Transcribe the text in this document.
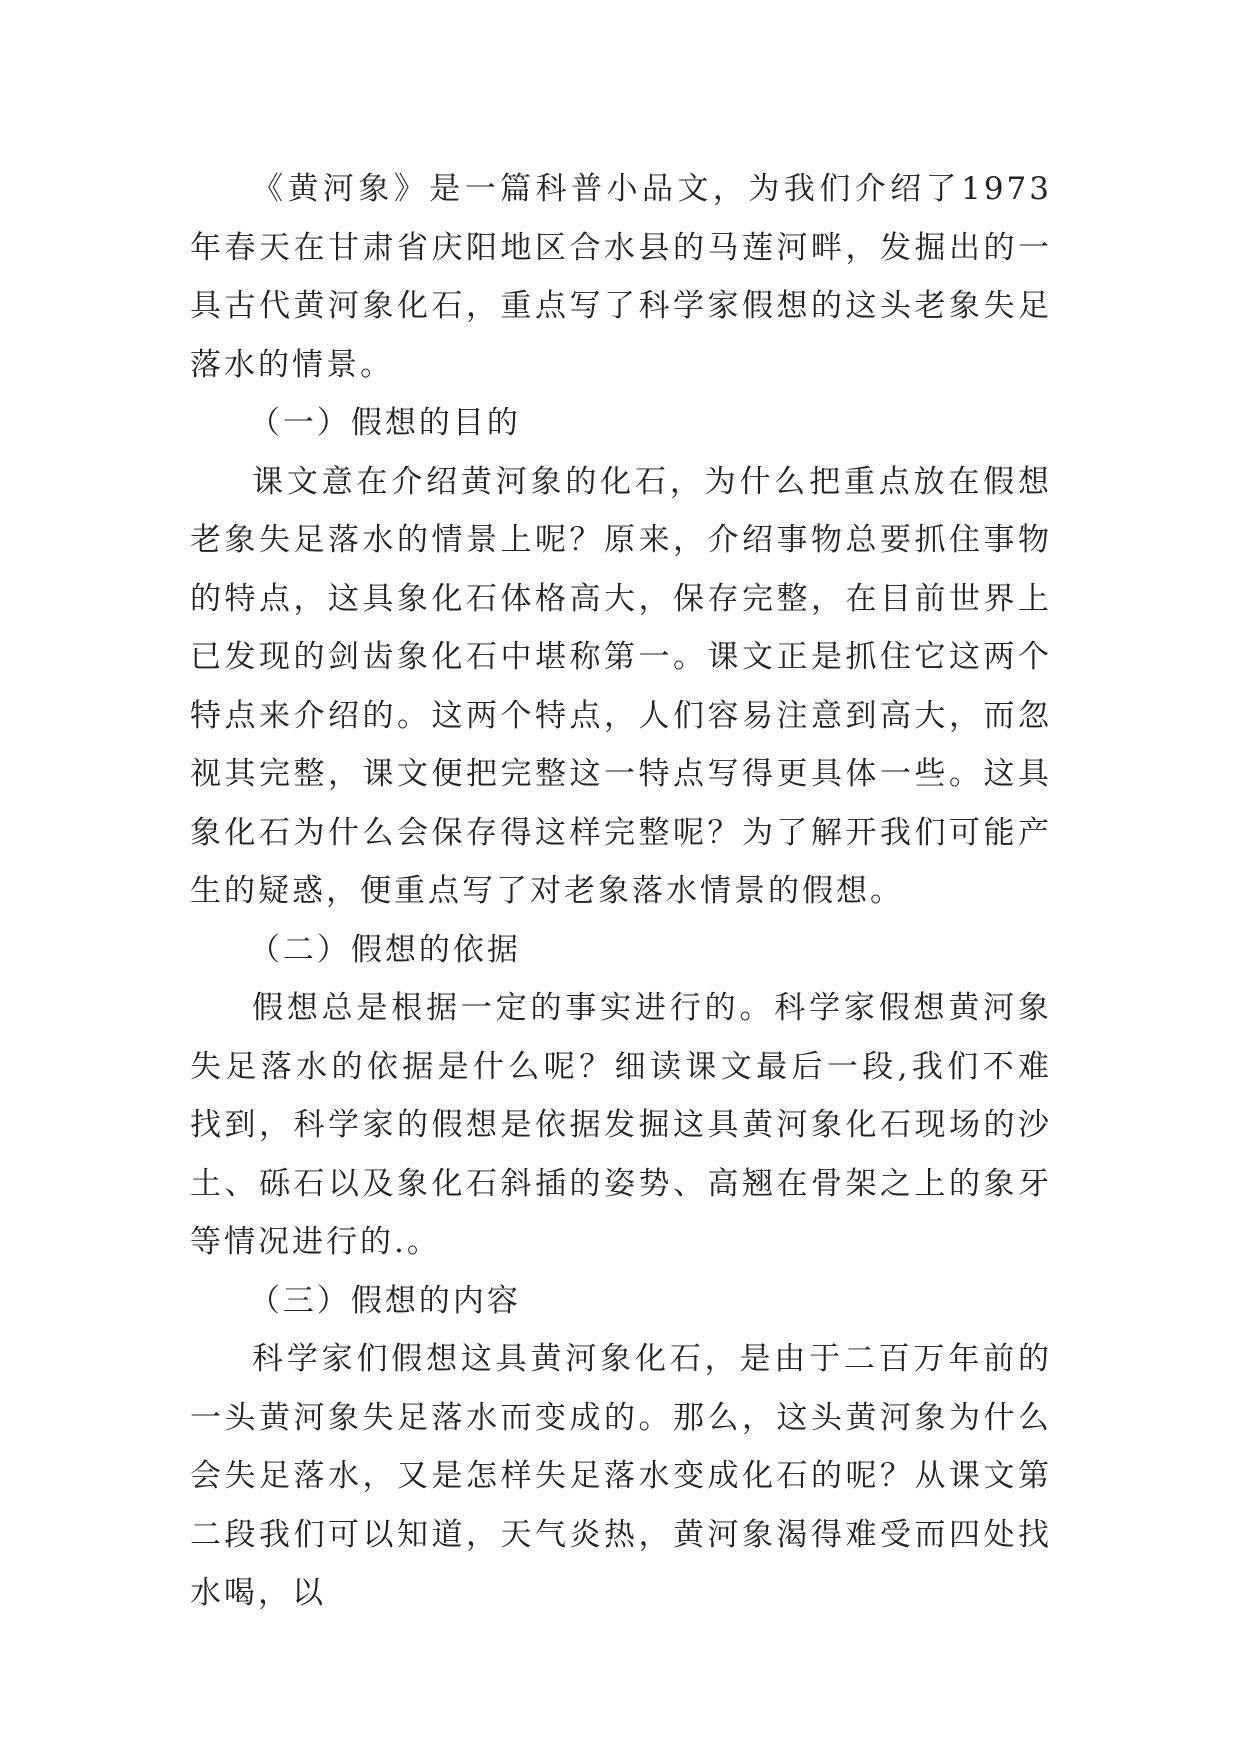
《黄河象》是一篇科普小品文，为我们介绍了1973年春天在甘肃省庆阳地区合水县的马莲河畔，发掘出的一具古代黄河象化石，重点写了科学家假想的这头老象失足落水的情景。

（一）假想的目的

课文意在介绍黄河象的化石，为什么把重点放在假想老象失足落水的情景上呢？原来，介绍事物总要抓住事物的特点，这具象化石体格高大，保存完整，在目前世界上已发现的剑齿象化石中堪称第一。课文正是抓住它这两个特点来介绍的。这两个特点，人们容易注意到高大，而忽视其完整，课文便把完整这一特点写得更具体一些。这具象化石为什么会保存得这样完整呢？为了解开我们可能产生的疑惑，便重点写了对老象落水情景的假想。

（二）假想的依据

假想总是根据一定的事实进行的。科学家假想黄河象失足落水的依据是什么呢？细读课文最后一段,我们不难找到，科学家的假想是依据发掘这具黄河象化石现场的沙土、砾石以及象化石斜插的姿势、高翘在骨架之上的象牙等情况进行的.。

（三）假想的内容

科学家们假想这具黄河象化石，是由于二百万年前的一头黄河象失足落水而变成的。那么，这头黄河象为什么会失足落水，又是怎样失足落水变成化石的呢？从课文第二段我们可以知道，天气炎热，黄河象渴得难受而四处找水喝，以
